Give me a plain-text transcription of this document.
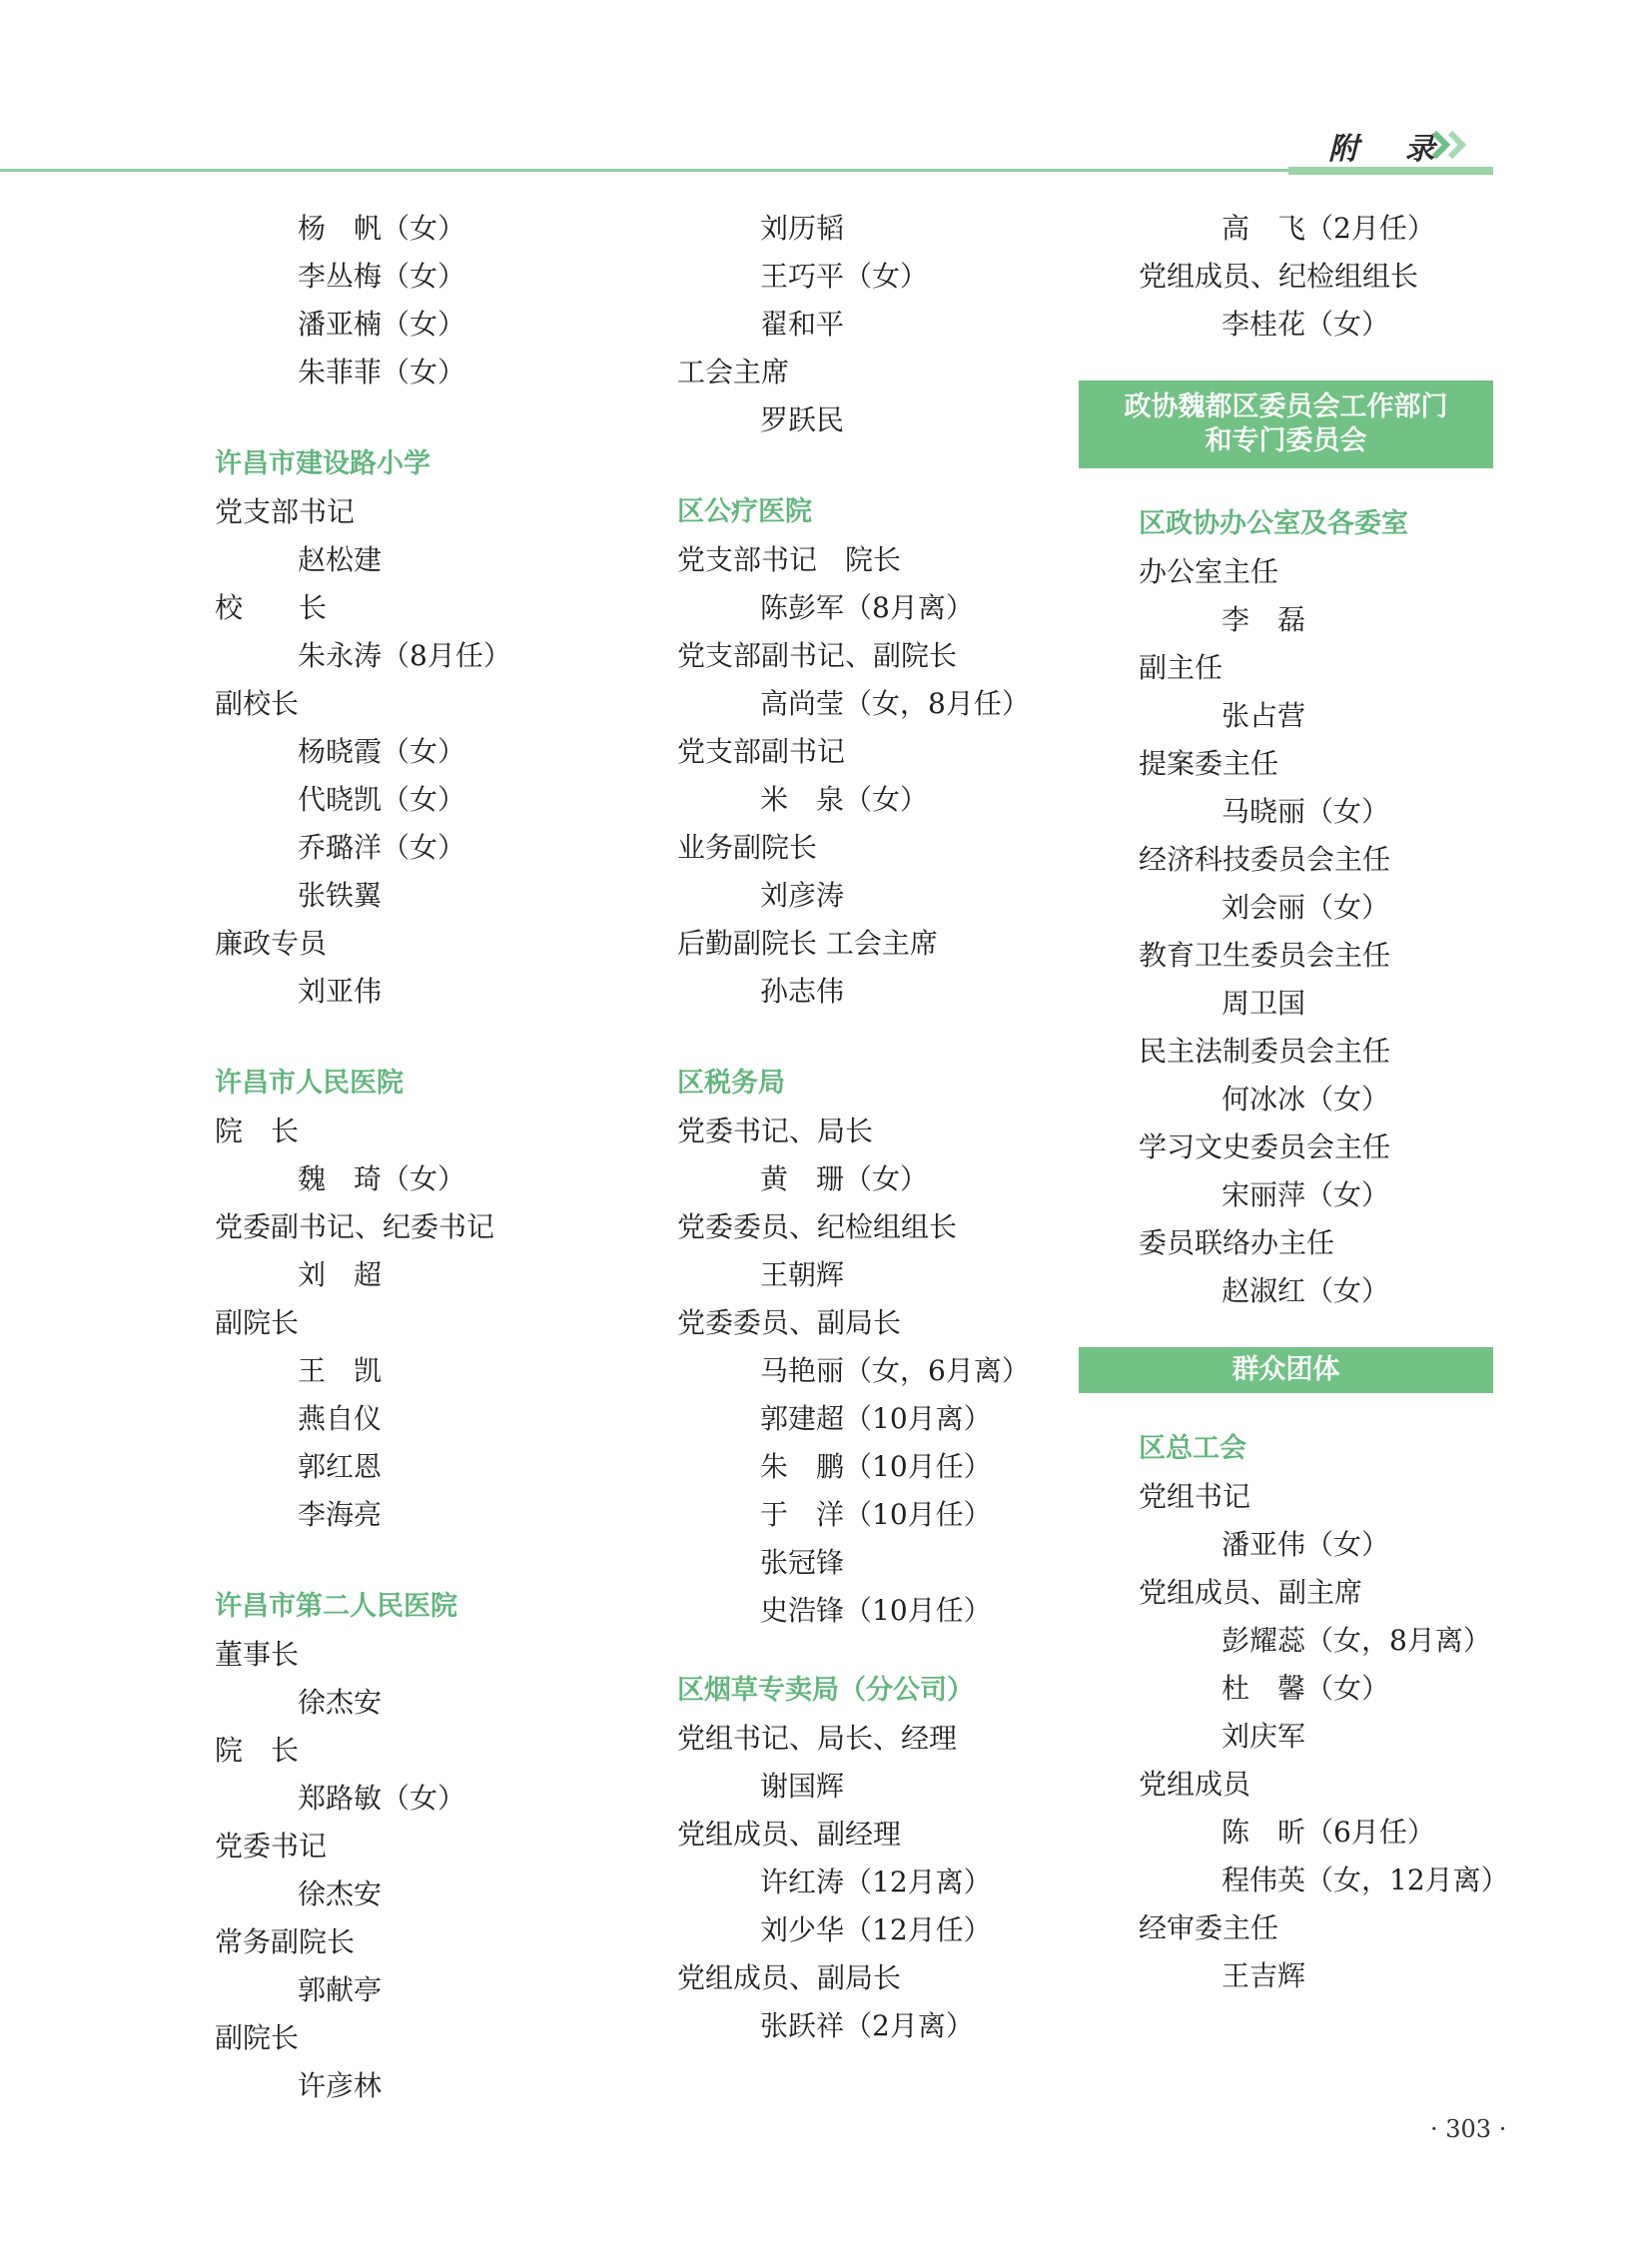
附 录
杨　帆（女）
李丛梅（女）
潘亚楠（女）
朱菲菲（女）
许昌市建设路小学
党支部书记
赵松建
校　　长
朱永涛（8月任）
副校长
杨晓霞（女）
代晓凯（女）
乔璐洋（女）
张铁翼
廉政专员
刘亚伟
许昌市人民医院
院　长
魏　琦（女）
党委副书记、纪委书记
刘　超
副院长
王　凯
燕自仪
郭红恩
李海亮
许昌市第二人民医院
董事长
徐杰安
院　长
郑路敏（女）
党委书记
徐杰安
常务副院长
郭献亭
副院长
许彦林
刘历韬
王巧平（女）
翟和平
工会主席
罗跃民
区公疗医院
党支部书记　院长
陈彭军（8月离）
党支部副书记、副院长
高尚莹（女，8月任）
党支部副书记
米　泉（女）
业务副院长
刘彦涛
后勤副院长 工会主席
孙志伟
区税务局
党委书记、局长
黄　珊（女）
党委委员、纪检组组长
王朝辉
党委委员、副局长
马艳丽（女，6月离）
郭建超（10月离）
朱　鹏（10月任）
于　洋（10月任）
张冠锋
史浩锋（10月任）
区烟草专卖局（分公司）
党组书记、局长、经理
谢国辉
党组成员、副经理
许红涛（12月离）
刘少华（12月任）
党组成员、副局长
张跃祥（2月离）
高　飞（2月任）
党组成员、纪检组组长
李桂花（女）
政协魏都区委员会工作部门
和专门委员会
区政协办公室及各委室
办公室主任
李　磊
副主任
张占营
提案委主任
马晓丽（女）
经济科技委员会主任
刘会丽（女）
教育卫生委员会主任
周卫国
民主法制委员会主任
何冰冰（女）
学习文史委员会主任
宋丽萍（女）
委员联络办主任
赵淑红（女）
群众团体
区总工会
党组书记
潘亚伟（女）
党组成员、副主席
彭耀蕊（女，8月离）
杜　馨（女）
刘庆军
党组成员
陈　昕（6月任）
程伟英（女，12月离）
经审委主任
王吉辉
· 303 ·
